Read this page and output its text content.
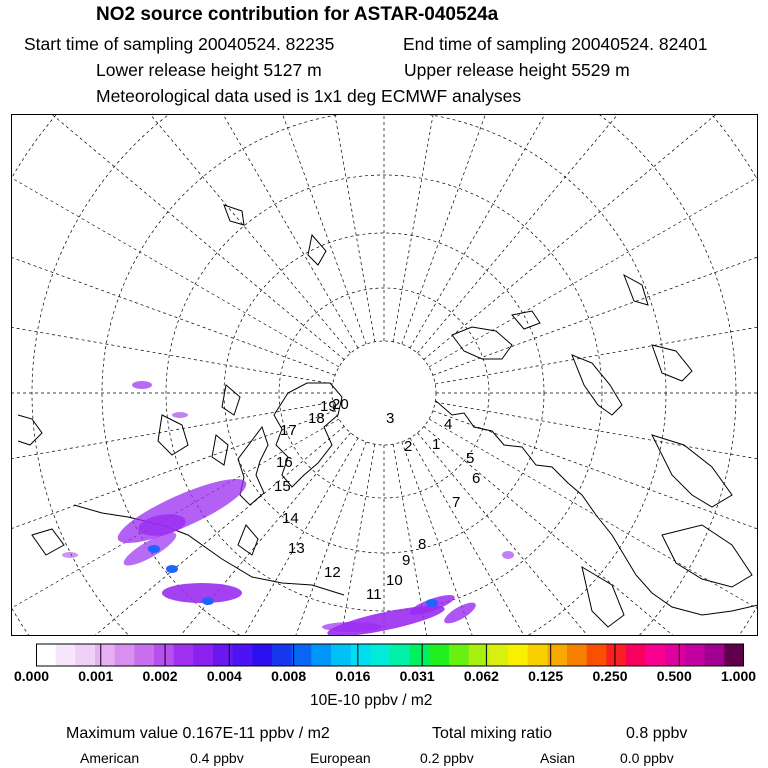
NO2 source contribution for ASTAR-040524a
Start time of sampling 20040524. 82235	End time of sampling 20040524. 82401
Lower release height 5127 m	Upper release height 5529 m
Meteorological data used is 1x1 deg ECMWF analyses
1
2
3	4
5
6
7
8
9
10
11
12
13
14
15
16
17
18
19
20
0.000 0.001 0.002 0.004 0.008 0.016 0.031 0.062 0.125 0.250 0.500 1.000
10E-10 ppbv / m2
Maximum value 0.167E-11 ppbv / m2	Total mixing ratio	0.8 ppbv
American	0.4 ppbv	European	0.2 ppbv	Asian	0.0 ppbv
